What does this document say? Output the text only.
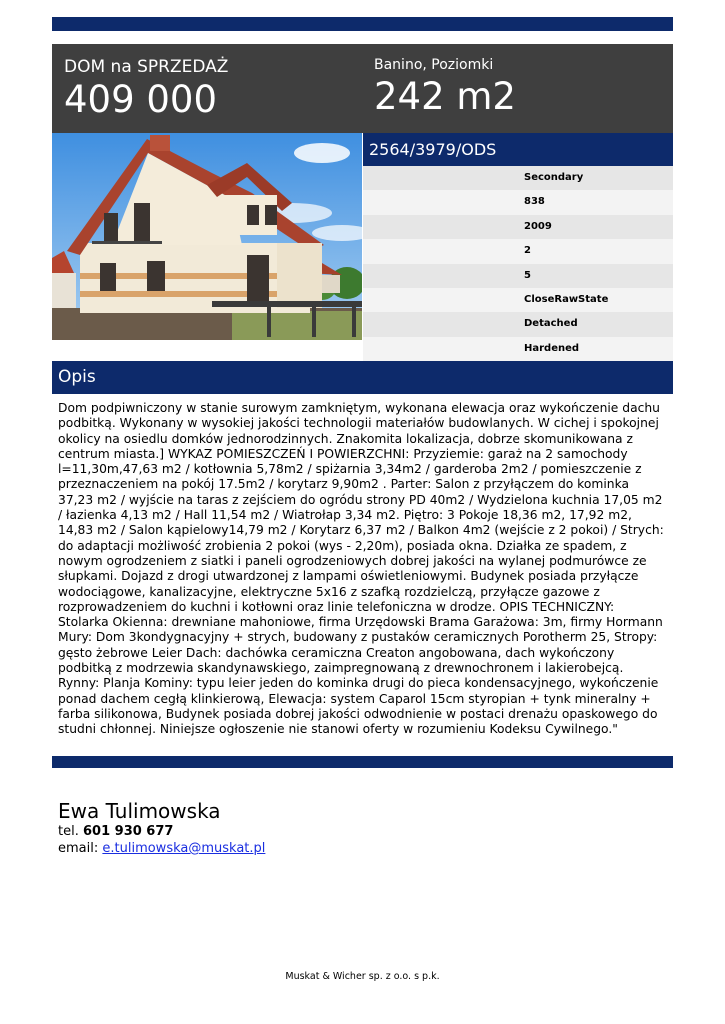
DOM na SPRZEDAŻ
409 000
Banino, Poziomki
242 m2
2564/3979/ODS
Secondary
838
2009
2
5
CloseRawState
Detached
Hardened
Opis
Dom podpiwniczony w stanie surowym zamkniętym, wykonana elewacja oraz wykończenie dachu podbitką. Wykonany w wysokiej jakości technologii materiałów budowlanych. W cichej i spokojnej okolicy na osiedlu domków jednorodzinnych. Znakomita lokalizacja, dobrze skomunikowana z centrum miasta.] WYKAZ POMIESZCZEŃ I POWIERZCHNI: Przyziemie: garaż na 2 samochody l=11,30m,47,63 m2 / kotłownia 5,78m2 / spiżarnia 3,34m2 / garderoba 2m2 / pomieszczenie z przeznaczeniem na pokój 17.5m2 / korytarz 9,90m2 . Parter: Salon z przyłączem do kominka 37,23 m2 / wyjście na taras z zejściem do ogródu strony PD 40m2 / Wydzielona kuchnia 17,05 m2 / łazienka 4,13 m2 / Hall 11,54 m2 / Wiatrołap 3,34 m2. Piętro: 3 Pokoje 18,36 m2, 17,92 m2, 14,83 m2 / Salon kąpielowy14,79 m2 / Korytarz 6,37 m2 / Balkon 4m2 (wejście z 2 pokoi) / Strych: do adaptacji możliwość zrobienia 2 pokoi (wys - 2,20m), posiada okna. Działka ze spadem, z nowym ogrodzeniem z siatki i paneli ogrodzeniowych dobrej jakości na wylanej podmurówce ze słupkami. Dojazd z drogi utwardzonej z lampami oświetleniowymi. Budynek posiada przyłącze wodociągowe, kanalizacyjne, elektryczne 5x16 z szafką rozdzielczą, przyłącze gazowe z rozprowadzeniem do kuchni i kotłowni oraz linie telefoniczna w drodze. OPIS TECHNICZNY: Stolarka Okienna: drewniane mahoniowe, firma Urzędowski Brama Garażowa: 3m, firmy Hormann Mury: Dom 3kondygnacyjny + strych, budowany z pustaków ceramicznych Porotherm 25, Stropy: gęsto żebrowe Leier Dach: dachówka ceramiczna Creaton angobowana, dach wykończony podbitką z modrzewia skandynawskiego, zaimpregnowaną z drewnochronem i lakierobejcą. Rynny: Planja Kominy: typu leier jeden do kominka drugi do pieca kondensacyjnego, wykończenie ponad dachem cegłą klinkierową, Elewacja: system Caparol 15cm styropian + tynk mineralny + farba silikonowa, Budynek posiada dobrej jakości odwodnienie w postaci drenażu opaskowego do studni chłonnej. Niniejsze ogłoszenie nie stanowi oferty w rozumieniu Kodeksu Cywilnego."
Ewa Tulimowska
tel. 601 930 677
email: e.tulimowska@muskat.pl
Muskat & Wicher sp. z o.o. s p.k.
